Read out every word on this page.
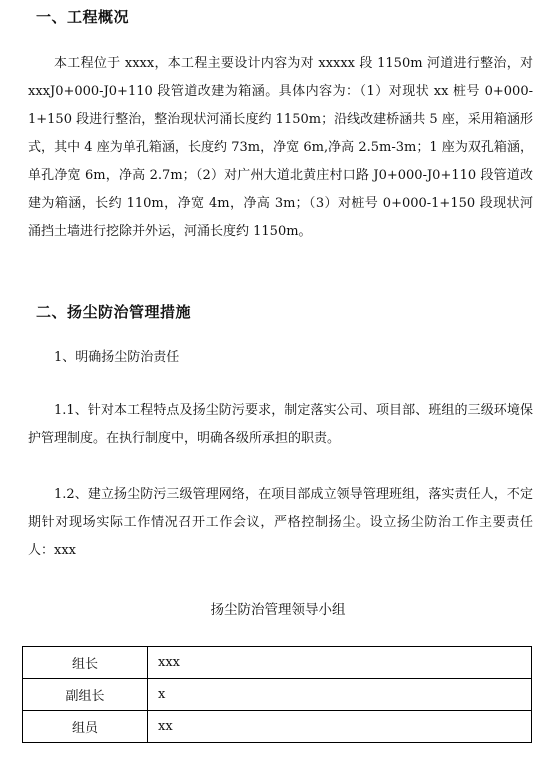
一、工程概况

本工程位于 xxxx，本工程主要设计内容为对 xxxxx 段 1150m 河道进行整治，对 xxxJ0+000-J0+110 段管道改建为箱涵。具体内容为：（1）对现状 xx 桩号 0+000-1+150 段进行整治，整治现状河涌长度约 1150m；沿线改建桥涵共 5 座，采用箱涵形式，其中 4 座为单孔箱涵，长度约 73m，净宽 6m,净高 2.5m-3m；1 座为双孔箱涵，单孔净宽 6m，净高 2.7m；（2）对广州大道北黄庄村口路 J0+000-J0+110 段管道改建为箱涵，长约 110m，净宽 4m，净高 3m；（3）对桩号 0+000-1+150 段现状河涌挡土墙进行挖除并外运，河涌长度约 1150m。

二、扬尘防治管理措施

1、明确扬尘防治责任

1.1、针对本工程特点及扬尘防污要求，制定落实公司、项目部、班组的三级环境保护管理制度。在执行制度中，明确各级所承担的职责。

1.2、建立扬尘防污三级管理网络，在项目部成立领导管理班组，落实责任人，不定期针对现场实际工作情况召开工作会议，严格控制扬尘。设立扬尘防治工作主要责任人：xxx

扬尘防治管理领导小组

组长	xxx
副组长	x
组员	xx
